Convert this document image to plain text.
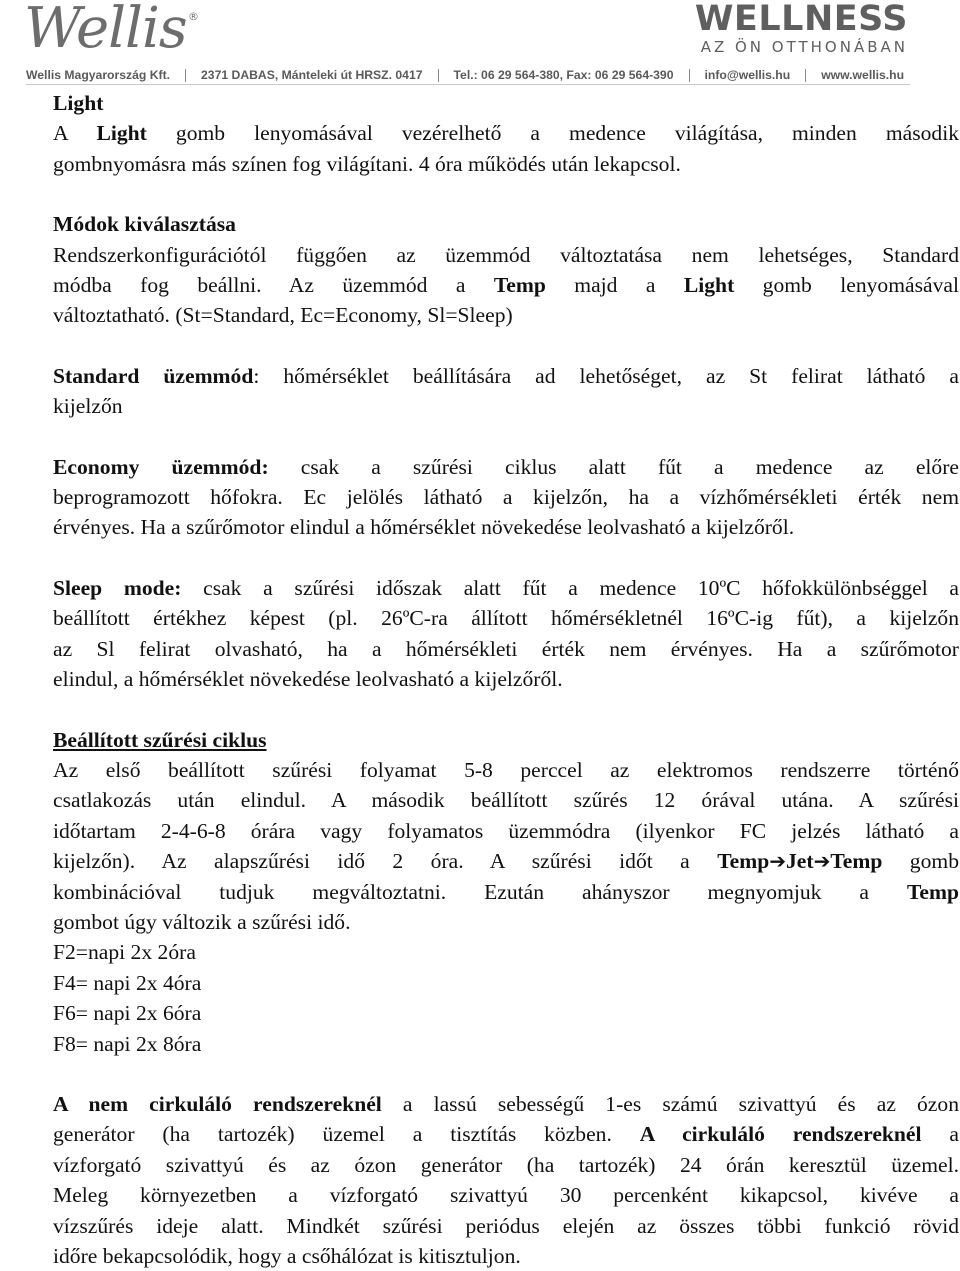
Wellis ®	WELLNESS
AZ ÖN OTTHONÁBAN
Wellis Magyarország Kft.	2371 DABAS, Mánteleki út HRSZ. 0417	Tel.: 06 29 564-380, Fax: 06 29 564-390	info@wellis.hu	www.wellis.hu
Light
A Light gomb lenyomásával vezérelhető a medence világítása, minden második
gombnyomásra más színen fog világítani. 4 óra működés után lekapcsol.
Módok kiválasztása
Rendszerkonfigurációtól függően az üzemmód változtatása nem lehetséges, Standard
módba fog beállni. Az üzemmód a Temp majd a Light gomb lenyomásával
változtatható. (St=Standard, Ec=Economy, Sl=Sleep)
Standard üzemmód: hőmérséklet beállítására ad lehetőséget, az St felirat látható a
kijelzőn
Economy üzemmód: csak a szűrési ciklus alatt fűt a medence az előre
beprogramozott hőfokra. Ec jelölés látható a kijelzőn, ha a vízhőmérsékleti érték nem
érvényes. Ha a szűrőmotor elindul a hőmérséklet növekedése leolvasható a kijelzőről.
Sleep mode: csak a szűrési időszak alatt fűt a medence 10ºC hőfokkülönbséggel a
beállított értékhez képest (pl. 26ºC-ra állított hőmérsékletnél 16ºC-ig fűt), a kijelzőn
az Sl felirat olvasható, ha a hőmérsékleti érték nem érvényes. Ha a szűrőmotor
elindul, a hőmérséklet növekedése leolvasható a kijelzőről.
Beállított szűrési ciklus
Az első beállított szűrési folyamat 5-8 perccel az elektromos rendszerre történő
csatlakozás után elindul. A második beállított szűrés 12 órával utána. A szűrési
időtartam 2-4-6-8 órára vagy folyamatos üzemmódra (ilyenkor FC jelzés látható a
kijelzőn). Az alapszűrési idő 2 óra. A szűrési időt a Temp➔Jet➔Temp gomb
kombinációval tudjuk megváltoztatni. Ezután ahányszor megnyomjuk a Temp
gombot úgy változik a szűrési idő.
F2=napi 2x 2óra
F4= napi 2x 4óra
F6= napi 2x 6óra
F8= napi 2x 8óra
A nem cirkuláló rendszereknél a lassú sebességű 1-es számú szivattyú és az ózon
generátor (ha tartozék) üzemel a tisztítás közben. A cirkuláló rendszereknél a
vízforgató szivattyú és az ózon generátor (ha tartozék) 24 órán keresztül üzemel.
Meleg környezetben a vízforgató szivattyú 30 percenként kikapcsol, kivéve a
vízszűrés ideje alatt. Mindkét szűrési periódus elején az összes többi funkció rövid
időre bekapcsolódik, hogy a csőhálózat is kitisztuljon.
